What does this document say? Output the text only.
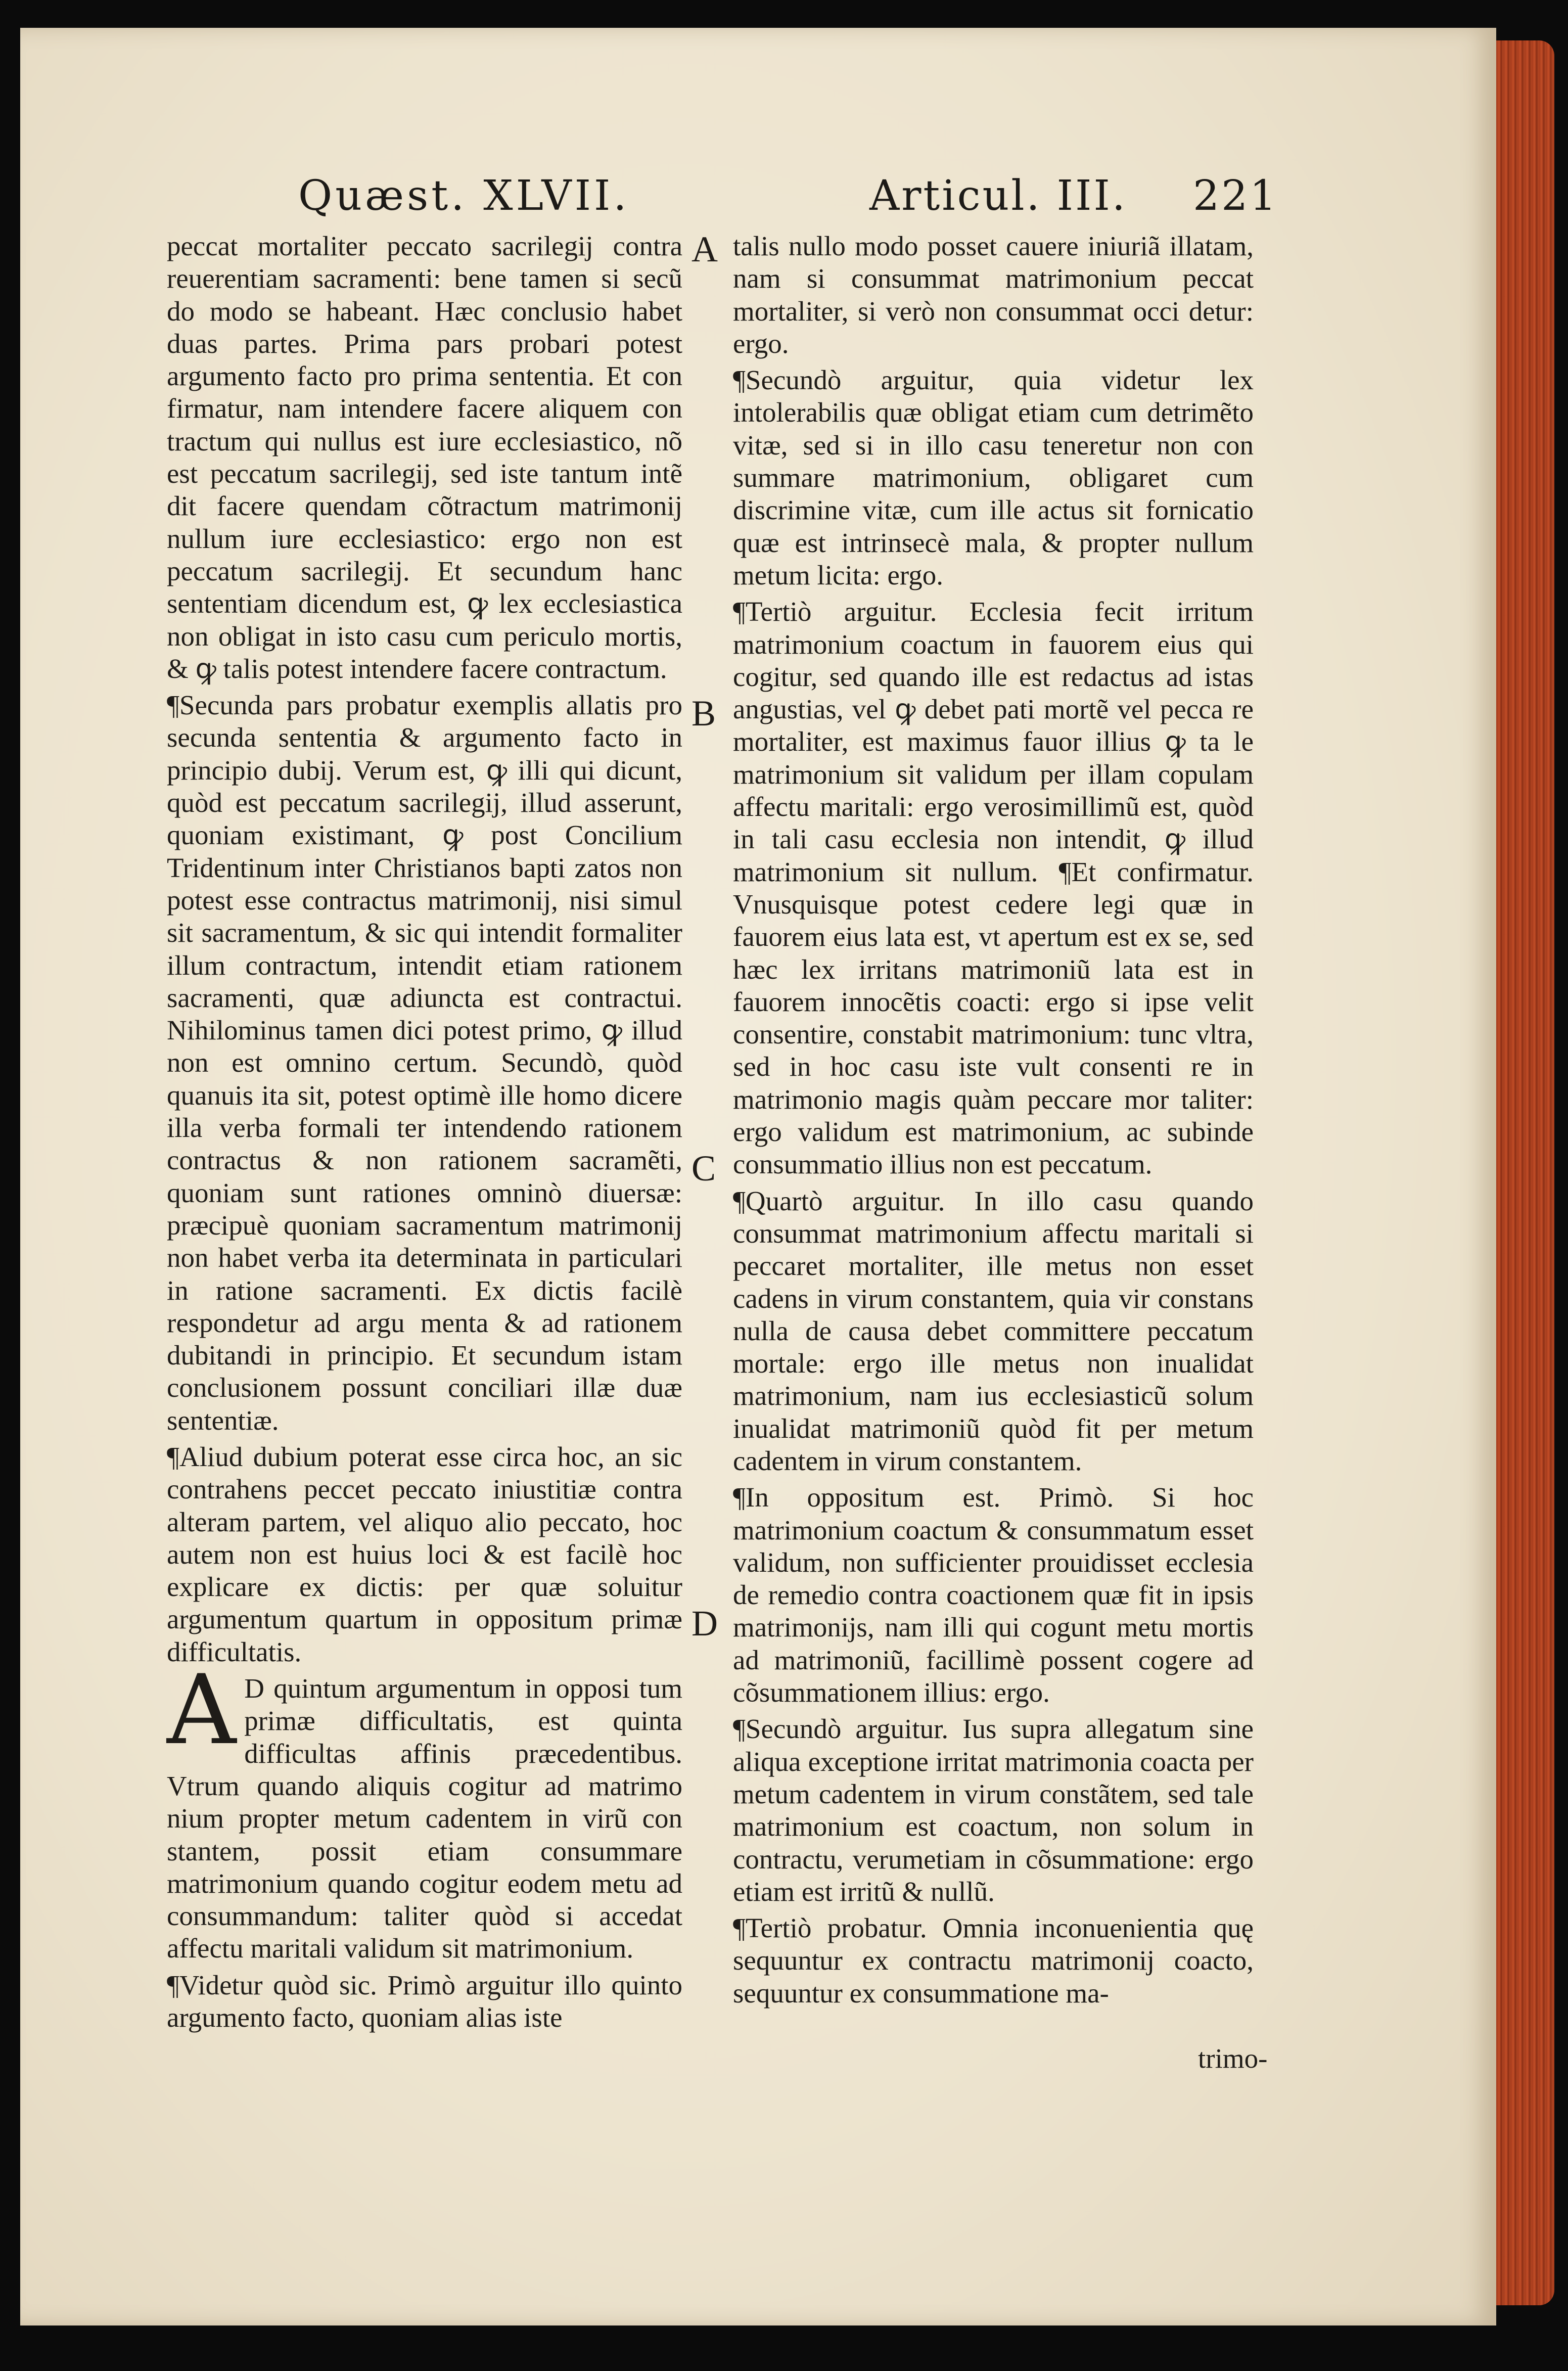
Quæst. XLVII.	Articul. III. 221

peccat mortaliter peccato sacrilegij contra reuerentiam sacramenti: bene tamen si secũ do modo se habeant. Hæc conclusio habet duas partes. Prima pars probari potest argumento facto pro prima sententia. Et con firmatur, nam intendere facere aliquem con tractum qui nullus est iure ecclesiastico, nõ est peccatum sacrilegij, sed iste tantum intẽ dit facere quendam cõtractum matrimonij nullum iure ecclesiastico: ergo non est peccatum sacrilegij. Et secundum hanc sententiam dicendum est, ꝙ lex ecclesiastica non obligat in isto casu cum periculo mortis, & ꝙ talis potest intendere facere contractum.

¶Secunda pars probatur exemplis allatis pro secunda sententia & argumento facto in principio dubij. Verum est, ꝙ illi qui dicunt, quòd est peccatum sacrilegij, illud asserunt, quoniam existimant, ꝙ post Concilium Tridentinum inter Christianos bapti zatos non potest esse contractus matrimonij, nisi simul sit sacramentum, & sic qui intendit formaliter illum contractum, intendit etiam rationem sacramenti, quæ adiuncta est contractui. Nihilominus tamen dici potest primo, ꝙ illud non est omnino certum. Secundò, quòd quanuis ita sit, potest optimè ille homo dicere illa verba formali ter intendendo rationem contractus & non rationem sacramẽti, quoniam sunt rationes omninò diuersæ: præcipuè quoniam sacramentum matrimonij non habet verba ita determinata in particulari in ratione sacramenti. Ex dictis facilè respondetur ad argu menta & ad rationem dubitandi in principio. Et secundum istam conclusionem possunt conciliari illæ duæ sententiæ.

¶Aliud dubium poterat esse circa hoc, an sic contrahens peccet peccato iniustitiæ contra alteram partem, vel aliquo alio peccato, hoc autem non est huius loci & est facilè hoc explicare ex dictis: per quæ soluitur argumentum quartum in oppositum primæ difficultatis.

A D quintum argumentum in opposi tum primæ difficultatis, est quinta difficultas affinis præcedentibus. Vtrum quando aliquis cogitur ad matrimo nium propter metum cadentem in virũ con stantem, possit etiam consummare matrimonium quando cogitur eodem metu ad consummandum: taliter quòd si accedat affectu maritali validum sit matrimonium.

¶Videtur quòd sic. Primò arguitur illo quinto argumento facto, quoniam alias iste

A
B
C
D

talis nullo modo posset cauere iniuriã illatam, nam si consummat matrimonium peccat mortaliter, si verò non consummat occi detur: ergo.

¶Secundò arguitur, quia videtur lex intolerabilis quæ obligat etiam cum detrimẽto vitæ, sed si in illo casu teneretur non con summare matrimonium, obligaret cum discrimine vitæ, cum ille actus sit fornicatio quæ est intrinsecè mala, & propter nullum metum licita: ergo.

¶Tertiò arguitur. Ecclesia fecit irritum matrimonium coactum in fauorem eius qui cogitur, sed quando ille est redactus ad istas angustias, vel ꝙ debet pati mortẽ vel pecca re mortaliter, est maximus fauor illius ꝙ ta le matrimonium sit validum per illam copulam affectu maritali: ergo verosimillimũ est, quòd in tali casu ecclesia non intendit, ꝙ illud matrimonium sit nullum. ¶Et confirmatur. Vnusquisque potest cedere legi quæ in fauorem eius lata est, vt apertum est ex se, sed hæc lex irritans matrimoniũ lata est in fauorem innocẽtis coacti: ergo si ipse velit consentire, constabit matrimonium: tunc vltra, sed in hoc casu iste vult consenti re in matrimonio magis quàm peccare mor taliter: ergo validum est matrimonium, ac subinde consummatio illius non est peccatum.

¶Quartò arguitur. In illo casu quando consummat matrimonium affectu maritali si peccaret mortaliter, ille metus non esset cadens in virum constantem, quia vir constans nulla de causa debet committere peccatum mortale: ergo ille metus non inualidat matrimonium, nam ius ecclesiasticũ solum inualidat matrimoniũ quòd fit per metum cadentem in virum constantem.

¶In oppositum est. Primò. Si hoc matrimonium coactum & consummatum esset validum, non sufficienter prouidisset ecclesia de remedio contra coactionem quæ fit in ipsis matrimonijs, nam illi qui cogunt metu mortis ad matrimoniũ, facillimè possent cogere ad cõsummationem illius: ergo.

¶Secundò arguitur. Ius supra allegatum sine aliqua exceptione irritat matrimonia coacta per metum cadentem in virum constãtem, sed tale matrimonium est coactum, non solum in contractu, verumetiam in cõsummatione: ergo etiam est irritũ & nullũ.

¶Tertiò probatur. Omnia inconuenientia quę sequuntur ex contractu matrimonij coacto, sequuntur ex consummatione ma-

trimo-
